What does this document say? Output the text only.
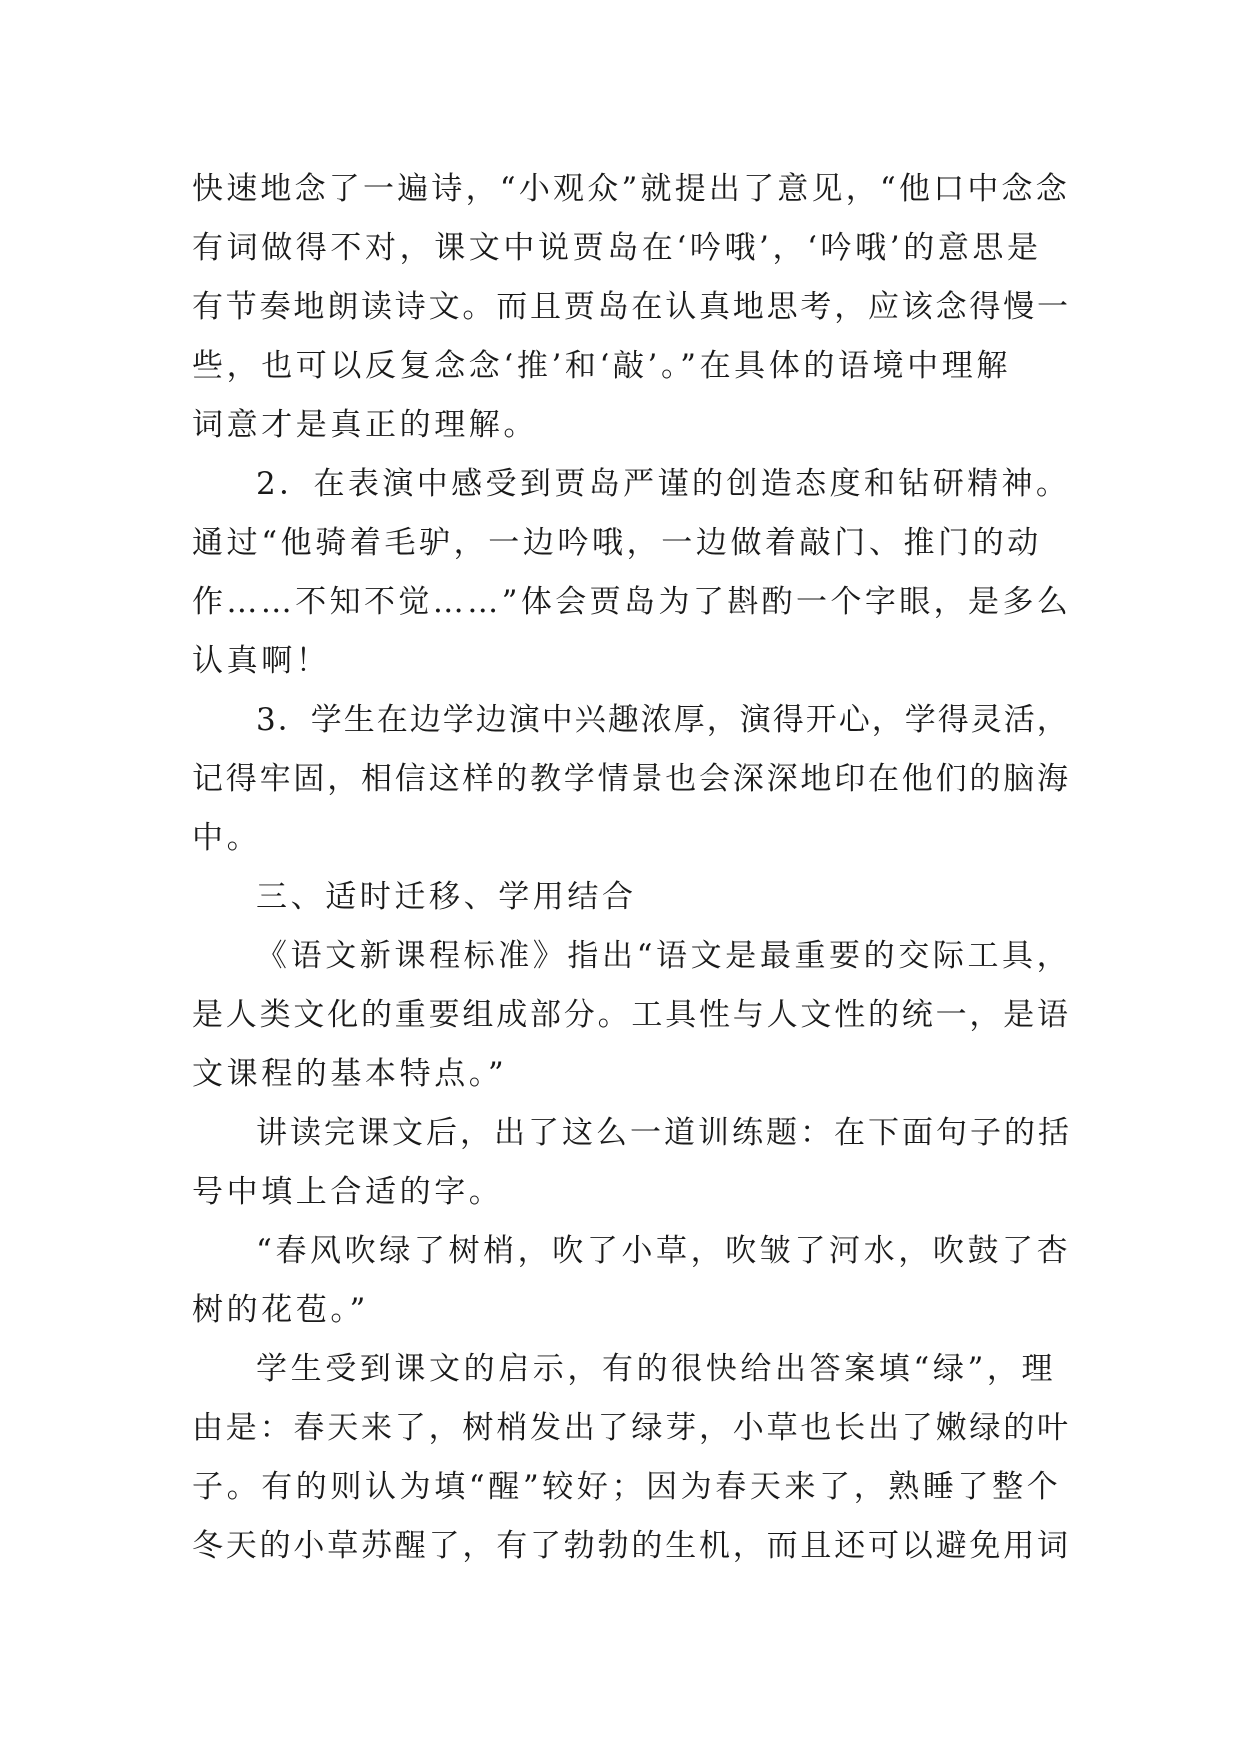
快速地念了一遍诗，“小观众”就提出了意见，“他口中念念
有词做得不对，课文中说贾岛在‘吟哦’，‘吟哦’的意思是
有节奏地朗读诗文。而且贾岛在认真地思考，应该念得慢一
些，也可以反复念念‘推’和‘敲’。”在具体的语境中理解
词意才是真正的理解。
2．在表演中感受到贾岛严谨的创造态度和钻研精神。
通过“他骑着毛驴，一边吟哦，一边做着敲门、推门的动
作……不知不觉……”体会贾岛为了斟酌一个字眼，是多么
认真啊！
3．学生在边学边演中兴趣浓厚，演得开心，学得灵活，
记得牢固，相信这样的教学情景也会深深地印在他们的脑海
中。
三、适时迁移、学用结合
《语文新课程标准》指出“语文是最重要的交际工具，
是人类文化的重要组成部分。工具性与人文性的统一，是语
文课程的基本特点。”
讲读完课文后，出了这么一道训练题：在下面句子的括
号中填上合适的字。
“春风吹绿了树梢，吹了小草，吹皱了河水，吹鼓了杏
树的花苞。”
学生受到课文的启示，有的很快给出答案填“绿”，理
由是：春天来了，树梢发出了绿芽，小草也长出了嫩绿的叶
子。有的则认为填“醒”较好；因为春天来了，熟睡了整个
冬天的小草苏醒了，有了勃勃的生机，而且还可以避免用词
